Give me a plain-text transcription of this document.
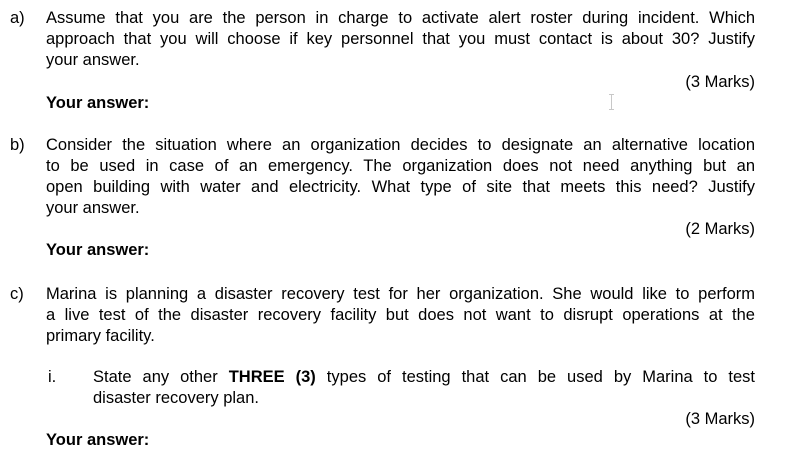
a) Assume that you are the person in charge to activate alert roster during incident. Which
approach that you will choose if key personnel that you must contact is about 30? Justify
your answer.
(3 Marks)
Your answer:
b) Consider the situation where an organization decides to designate an alternative location
to be used in case of an emergency. The organization does not need anything but an
open building with water and electricity. What type of site that meets this need? Justify
your answer.
(2 Marks)
Your answer:
c) Marina is planning a disaster recovery test for her organization. She would like to perform
a live test of the disaster recovery facility but does not want to disrupt operations at the
primary facility.
i. State any other THREE (3) types of testing that can be used by Marina to test
disaster recovery plan.
(3 Marks)
Your answer:
